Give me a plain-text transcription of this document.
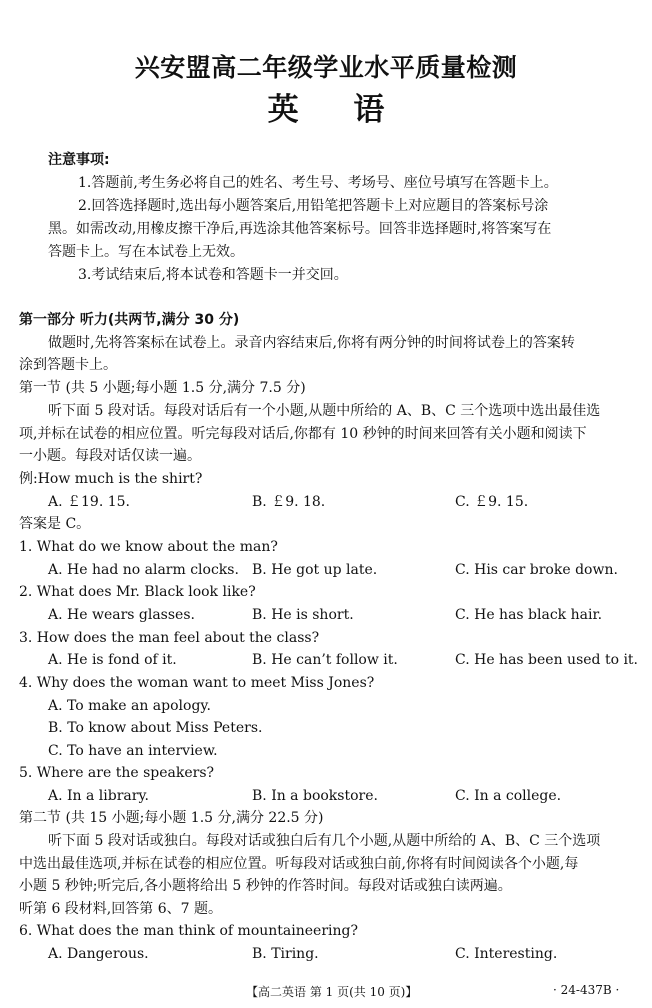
兴安盟高二年级学业水平质量检测
英 语
注意事项:
1.答题前,考生务必将自己的姓名、考生号、考场号、座位号填写在答题卡上。
2.回答选择题时,选出每小题答案后,用铅笔把答题卡上对应题目的答案标号涂
黑。如需改动,用橡皮擦干净后,再选涂其他答案标号。回答非选择题时,将答案写在
答题卡上。写在本试卷上无效。
3.考试结束后,将本试卷和答题卡一并交回。
第一部分 听力(共两节,满分 30 分)
做题时,先将答案标在试卷上。录音内容结束后,你将有两分钟的时间将试卷上的答案转
涂到答题卡上。
第一节 (共 5 小题;每小题 1.5 分,满分 7.5 分)
听下面 5 段对话。每段对话后有一个小题,从题中所给的 A、B、C 三个选项中选出最佳选
项,并标在试卷的相应位置。听完每段对话后,你都有 10 秒钟的时间来回答有关小题和阅读下
一小题。每段对话仅读一遍。
例:How much is the shirt?
A. ￡19. 15.	B. ￡9. 18.	C. ￡9. 15.
答案是 C。
1. What do we know about the man?
A. He had no alarm clocks. B. He got up late.	C. His car broke down.
2. What does Mr. Black look like?
A. He wears glasses.	B. He is short.	C. He has black hair.
3. How does the man feel about the class?
A. He is fond of it.	B. He can’t follow it.	C. He has been used to it.
4. Why does the woman want to meet Miss Jones?
A. To make an apology.
B. To know about Miss Peters.
C. To have an interview.
5. Where are the speakers?
A. In a library.	B. In a bookstore.	C. In a college.
第二节 (共 15 小题;每小题 1.5 分,满分 22.5 分)
听下面 5 段对话或独白。每段对话或独白后有几个小题,从题中所给的 A、B、C 三个选项
中选出最佳选项,并标在试卷的相应位置。听每段对话或独白前,你将有时间阅读各个小题,每
小题 5 秒钟;听完后,各小题将给出 5 秒钟的作答时间。每段对话或独白读两遍。
听第 6 段材料,回答第 6、7 题。
6. What does the man think of mountaineering?
A. Dangerous.	B. Tiring.	C. Interesting.
【高二英语 第 1 页(共 10 页)】	· 24-437B ·
